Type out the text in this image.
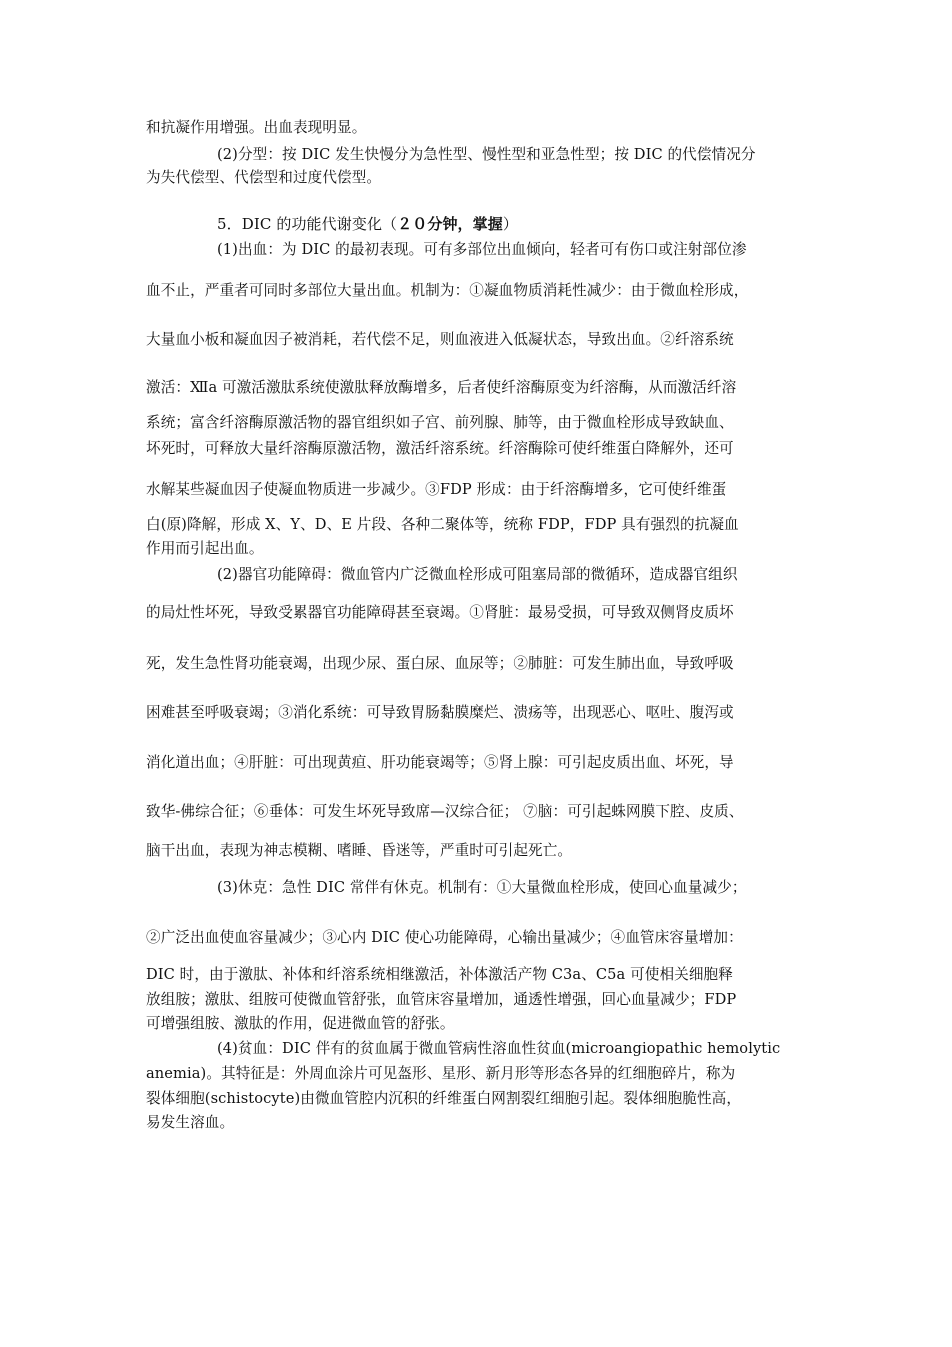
和抗凝作用增强。出血表现明显。
(2)分型：按 DIC 发生快慢分为急性型、慢性型和亚急性型；按 DIC 的代偿情况分
为失代偿型、代偿型和过度代偿型。
5．DIC 的功能代谢变化（２０分钟，掌握）
(1)出血：为 DIC 的最初表现。可有多部位出血倾向，轻者可有伤口或注射部位渗
血不止，严重者可同时多部位大量出血。机制为：①凝血物质消耗性减少：由于微血栓形成，
大量血小板和凝血因子被消耗，若代偿不足，则血液进入低凝状态，导致出血。②纤溶系统
激活：Ⅻa 可激活激肽系统使激肽释放酶增多，后者使纤溶酶原变为纤溶酶，从而激活纤溶
系统；富含纤溶酶原激活物的器官组织如子宫、前列腺、肺等，由于微血栓形成导致缺血、
坏死时，可释放大量纤溶酶原激活物，激活纤溶系统。纤溶酶除可使纤维蛋白降解外，还可
水解某些凝血因子使凝血物质进一步减少。③FDP 形成：由于纤溶酶增多，它可使纤维蛋
白(原)降解，形成 X、Y、D、E 片段、各种二聚体等，统称 FDP，FDP 具有强烈的抗凝血
作用而引起出血。
(2)器官功能障碍：微血管内广泛微血栓形成可阻塞局部的微循环，造成器官组织
的局灶性坏死，导致受累器官功能障碍甚至衰竭。①肾脏：最易受损，可导致双侧肾皮质坏
死，发生急性肾功能衰竭，出现少尿、蛋白尿、血尿等；②肺脏：可发生肺出血，导致呼吸
困难甚至呼吸衰竭；③消化系统：可导致胃肠黏膜糜烂、溃疡等，出现恶心、呕吐、腹泻或
消化道出血；④肝脏：可出现黄疸、肝功能衰竭等；⑤肾上腺：可引起皮质出血、坏死，导
致华-佛综合征；⑥垂体：可发生坏死导致席—汉综合征； ⑦脑：可引起蛛网膜下腔、皮质、
脑干出血，表现为神志模糊、嗜睡、昏迷等，严重时可引起死亡。
(3)休克：急性 DIC 常伴有休克。机制有：①大量微血栓形成，使回心血量减少；
②广泛出血使血容量减少；③心内 DIC 使心功能障碍，心输出量减少；④血管床容量增加：
DIC 时，由于激肽、补体和纤溶系统相继激活，补体激活产物 C3a、C5a 可使相关细胞释
放组胺；激肽、组胺可使微血管舒张，血管床容量增加，通透性增强，回心血量减少；FDP
可增强组胺、激肽的作用，促进微血管的舒张。
(4)贫血：DIC 伴有的贫血属于微血管病性溶血性贫血(microangiopathic hemolytic
anemia)。其特征是：外周血涂片可见盔形、星形、新月形等形态各异的红细胞碎片，称为
裂体细胞(schistocyte)由微血管腔内沉积的纤维蛋白网割裂红细胞引起。裂体细胞脆性高，
易发生溶血。
